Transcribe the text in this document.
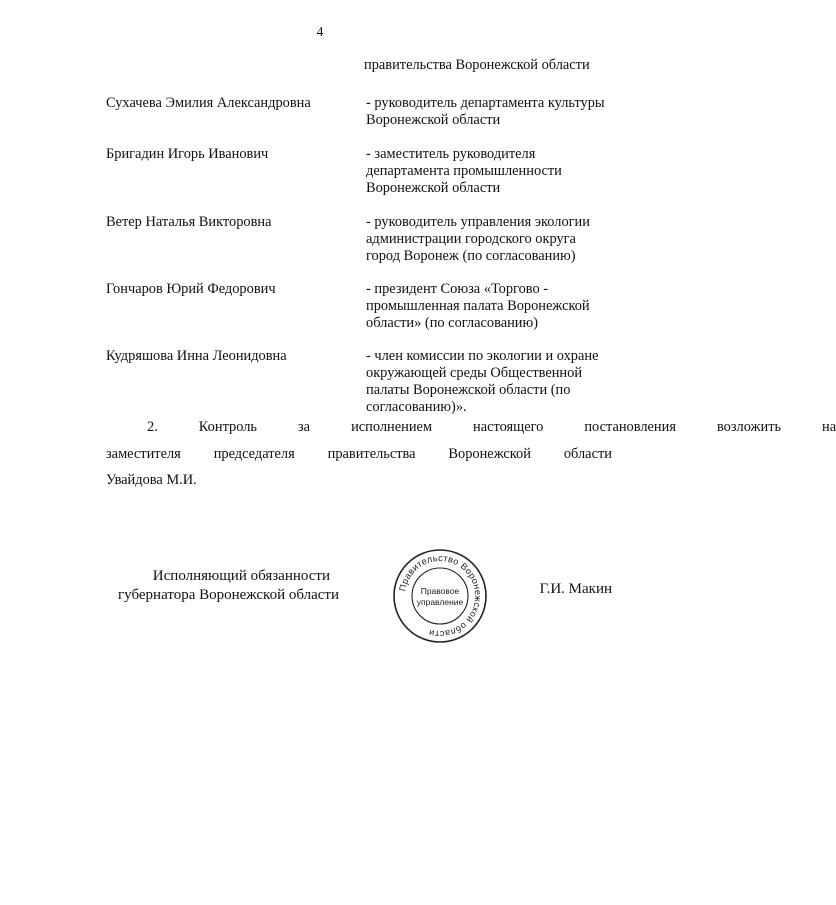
4
правительства Воронежской области
Сухачева Эмилия Александровна	- руководитель департамента культуры
Воронежской области
Бригадин Игорь Иванович	- заместитель руководителя
департамента промышленности
Воронежской области
Ветер Наталья Викторовна	- руководитель управления экологии
администрации городского округа
город Воронеж (по согласованию)
Гончаров Юрий Федорович	- президент Союза «Торгово -
промышленная палата Воронежской
области» (по согласованию)
Кудряшова Инна Леонидовна	- член комиссии по экологии и охране
окружающей среды Общественной
палаты Воронежской области (по
согласованию)».
2.	Контроль	за	исполнением	настоящего	постановления	возложить	на
заместителя председателя правительства Воронежской области
Увайдова М.И.
Исполняющий обязанности
губернатора Воронежской области	Правительство Воронежской области
Правовое
управление
Г.И. Макин
